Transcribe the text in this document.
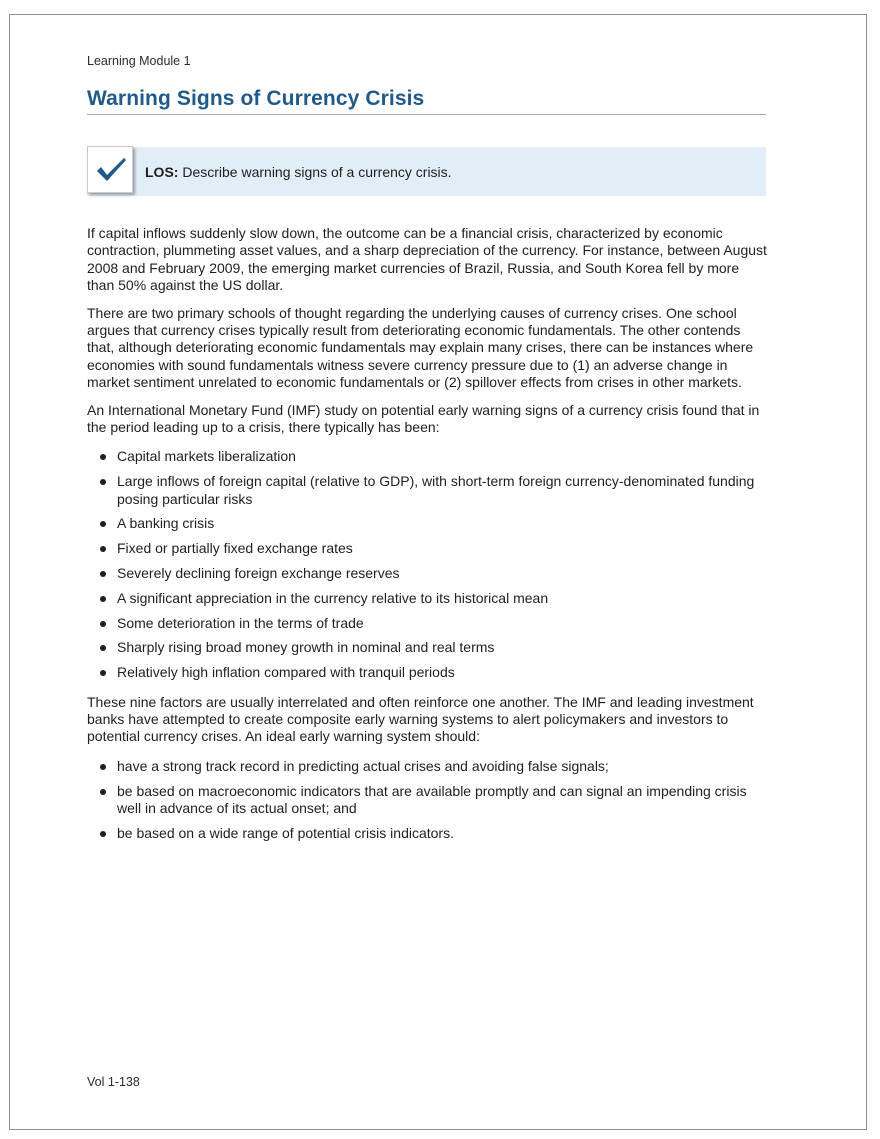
Learning Module 1
Warning Signs of Currency Crisis
LOS: Describe warning signs of a currency crisis.

If capital inflows suddenly slow down, the outcome can be a financial crisis, characterized by economic contraction, plummeting asset values, and a sharp depreciation of the currency. For instance, between August 2008 and February 2009, the emerging market currencies of Brazil, Russia, and South Korea fell by more than 50% against the US dollar.

There are two primary schools of thought regarding the underlying causes of currency crises. One school argues that currency crises typically result from deteriorating economic fundamentals. The other contends that, although deteriorating economic fundamentals may explain many crises, there can be instances where economies with sound fundamentals witness severe currency pressure due to (1) an adverse change in market sentiment unrelated to economic fundamentals or (2) spillover effects from crises in other markets.

An International Monetary Fund (IMF) study on potential early warning signs of a currency crisis found that in the period leading up to a crisis, there typically has been:

Capital markets liberalization
Large inflows of foreign capital (relative to GDP), with short-term foreign currency-denominated funding posing particular risks
A banking crisis
Fixed or partially fixed exchange rates
Severely declining foreign exchange reserves
A significant appreciation in the currency relative to its historical mean
Some deterioration in the terms of trade
Sharply rising broad money growth in nominal and real terms
Relatively high inflation compared with tranquil periods

These nine factors are usually interrelated and often reinforce one another. The IMF and leading investment banks have attempted to create composite early warning systems to alert policymakers and investors to potential currency crises. An ideal early warning system should:

have a strong track record in predicting actual crises and avoiding false signals;
be based on macroeconomic indicators that are available promptly and can signal an impending crisis well in advance of its actual onset; and
be based on a wide range of potential crisis indicators.
Vol 1-138
